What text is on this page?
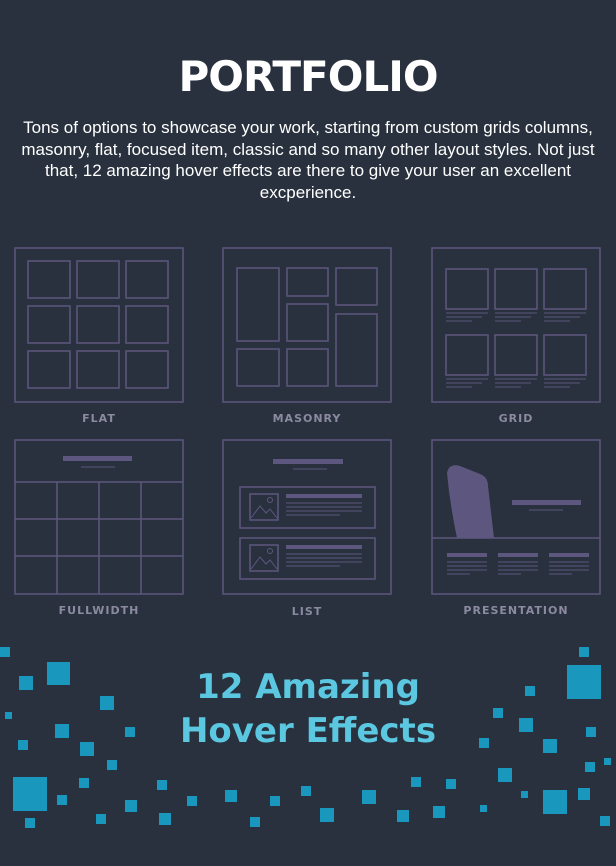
PORTFOLIO

Tons of options to showcase your work, starting from custom grids columns, masonry, flat, focused item, classic and so many other layout styles. Not just that, 12 amazing hover effects are there to give your user an excellent excperience.

FLAT	MASONRY	GRID
FULLWIDTH	LIST	PRESENTATION
12 Amazing
Hover Effects
